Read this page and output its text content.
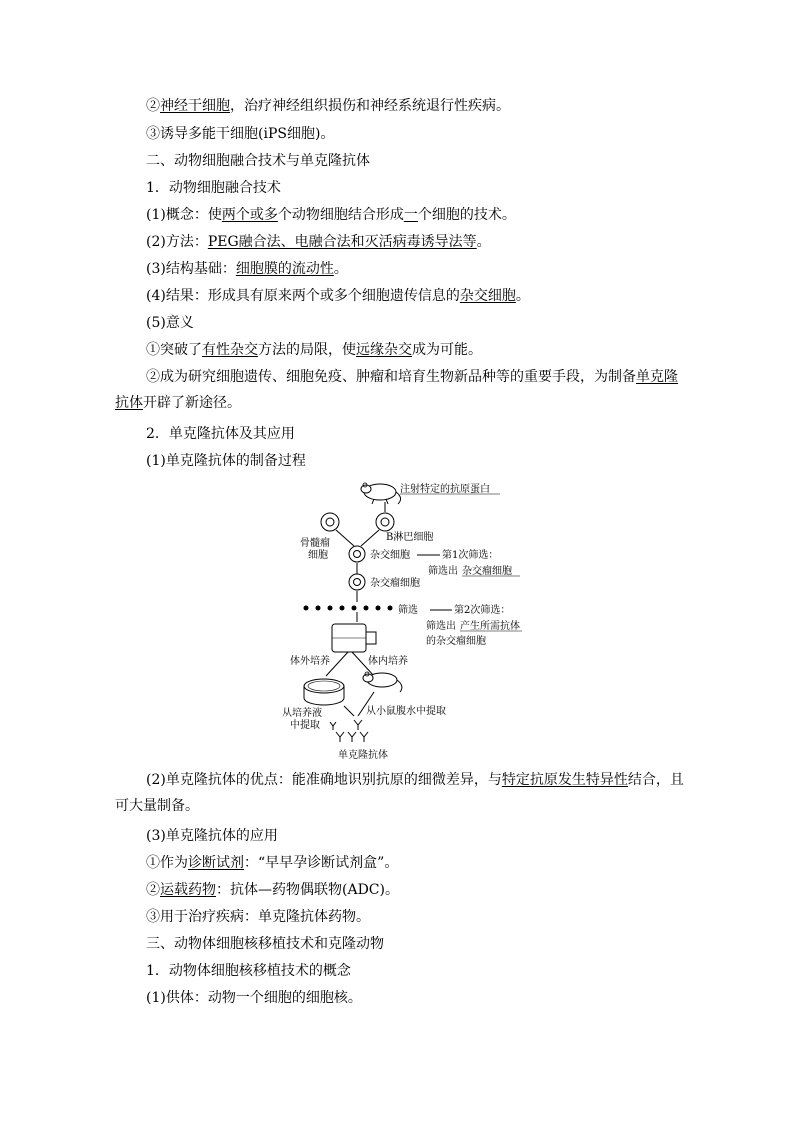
②神经干细胞，治疗神经组织损伤和神经系统退行性疾病。
③诱导多能干细胞(iPS细胞)。
二、动物细胞融合技术与单克隆抗体
1．动物细胞融合技术
(1)概念：使两个或多个动物细胞结合形成一个细胞的技术。
(2)方法：PEG融合法、电融合法和灭活病毒诱导法等。
(3)结构基础：细胞膜的流动性。
(4)结果：形成具有原来两个或多个细胞遗传信息的杂交细胞。
(5)意义
①突破了有性杂交方法的局限，使远缘杂交成为可能。
②成为研究细胞遗传、细胞免疫、肿瘤和培育生物新品种等的重要手段，为制备单克隆抗体开辟了新途径。
2．单克隆抗体及其应用
(1)单克隆抗体的制备过程
注射特定的抗原蛋白
骨髓瘤
细胞
B淋巴细胞
杂交细胞	第1次筛选：
筛选出 杂交瘤细胞
杂交瘤细胞
筛选	第2次筛选：
筛选出 产生所需抗体
的杂交瘤细胞
体外培养	体内培养
从培养液
中提取
从小鼠腹水中提取
单克隆抗体
(2)单克隆抗体的优点：能准确地识别抗原的细微差异，与特定抗原发生特异性结合，且可大量制备。
(3)单克隆抗体的应用
①作为诊断试剂：“早早孕诊断试剂盒”。
②运载药物：抗体—药物偶联物(ADC)。
③用于治疗疾病：单克隆抗体药物。
三、动物体细胞核移植技术和克隆动物
1．动物体细胞核移植技术的概念
(1)供体：动物一个细胞的细胞核。
